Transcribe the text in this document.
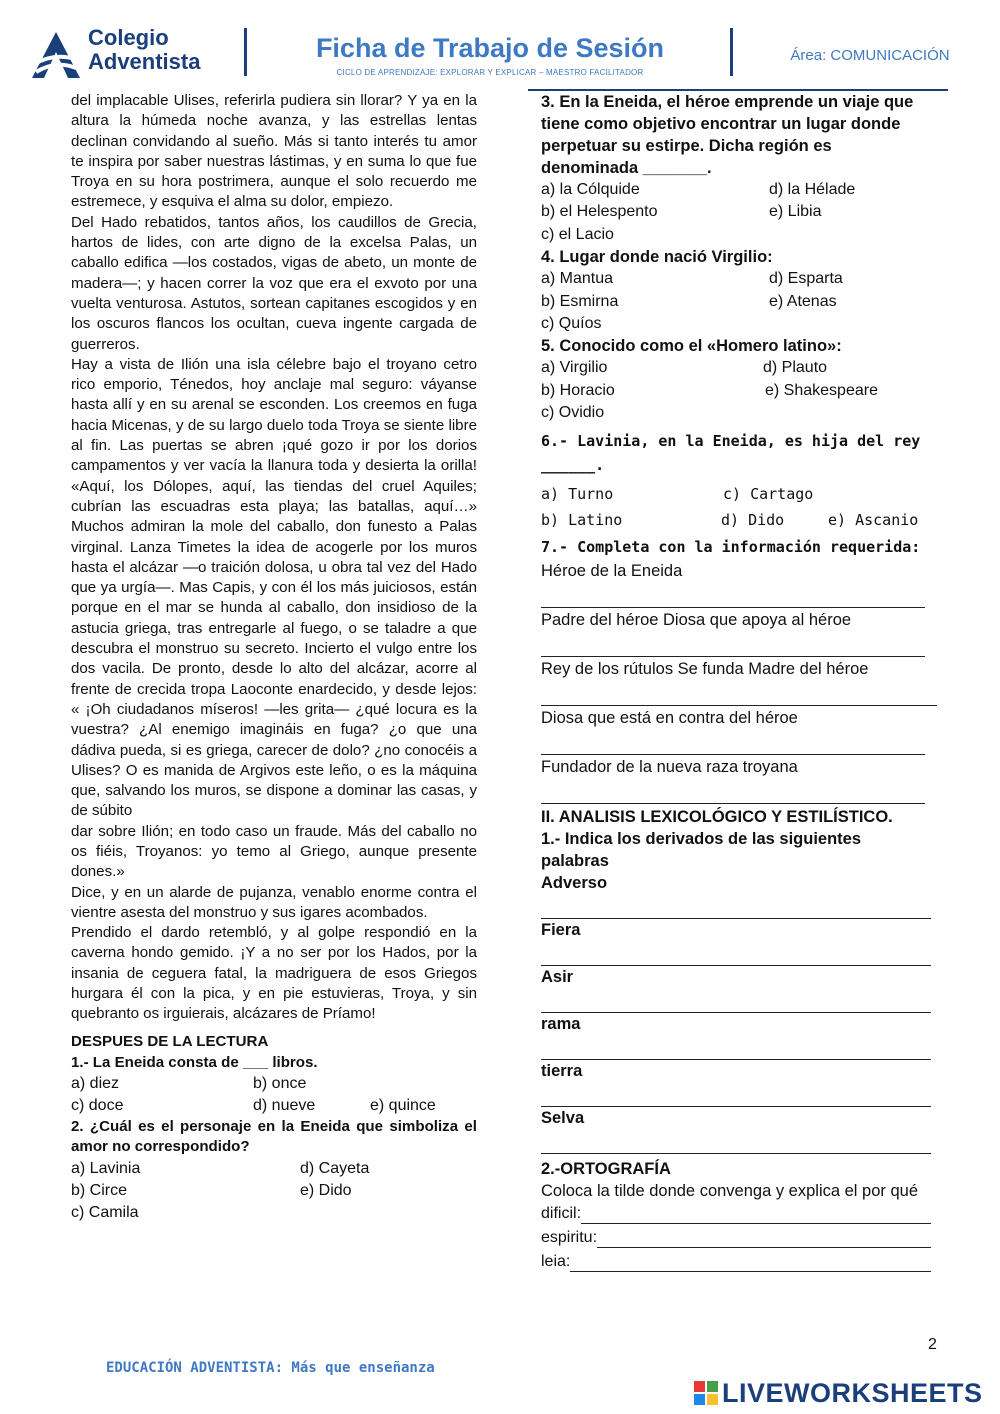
Colegio
Adventista	Ficha de Trabajo de Sesión
CICLO DE APRENDIZAJE: EXPLORAR Y EXPLICAR – MAESTRO FACILITADOR
Área: COMUNICACIÓN

del implacable Ulises, referirla pudiera sin llorar? Y ya en la altura la húmeda noche avanza, y las estrellas lentas declinan convidando al sueño. Más si tanto interés tu amor te inspira por saber nuestras lástimas, y en suma lo que fue Troya en su hora postrimera, aunque el solo recuerdo me estremece, y esquiva el alma su dolor, empiezo.

Del Hado rebatidos, tantos años, los caudillos de Grecia, hartos de lides, con arte digno de la excelsa Palas, un caballo edifica —los costados, vigas de abeto, un monte de madera—; y hacen correr la voz que era el exvoto por una vuelta venturosa. Astutos, sortean capitanes escogidos y en los oscuros flancos los ocultan, cueva ingente cargada de guerreros.

Hay a vista de Ilión una isla célebre bajo el troyano cetro rico emporio, Ténedos, hoy anclaje mal seguro: váyanse hasta allí y en su arenal se esconden. Los creemos en fuga hacia Micenas, y de su largo duelo toda Troya se siente libre al fin. Las puertas se abren ¡qué gozo ir por los dorios campamentos y ver vacía la llanura toda y desierta la orilla! «Aquí, los Dólopes, aquí, las tiendas del cruel Aquiles; cubrían las escuadras esta playa; las batallas, aquí…» Muchos admiran la mole del caballo, don funesto a Palas virginal. Lanza Timetes la idea de acogerle por los muros hasta el alcázar —o traición dolosa, u obra tal vez del Hado que ya urgía—. Mas Capis, y con él los más juiciosos, están porque en el mar se hunda al caballo, don insidioso de la astucia griega, tras entregarle al fuego, o se taladre a que descubra el monstruo su secreto. Incierto el vulgo entre los dos vacila. De pronto, desde lo alto del alcázar, acorre al frente de crecida tropa Laoconte enardecido, y desde lejos: « ¡Oh ciudadanos míseros! —les grita— ¿qué locura es la vuestra? ¿Al enemigo imagináis en fuga? ¿o que una dádiva pueda, si es griega, carecer de dolo? ¿no conocéis a Ulises? O es manida de Argivos este leño, o es la máquina que, salvando los muros, se dispone a dominar las casas, y de súbito

dar sobre Ilión; en todo caso un fraude. Más del caballo no os fiéis, Troyanos: yo temo al Griego, aunque presente dones.»

Dice, y en un alarde de pujanza, venablo enorme contra el vientre asesta del monstruo y sus igares acombados.

Prendido el dardo retembló, y al golpe respondió en la caverna hondo gemido. ¡Y a no ser por los Hados, por la insania de ceguera fatal, la madriguera de esos Griegos hurgara él con la pica, y en pie estuvieras, Troya, y sin quebranto os irguierais, alcázares de Príamo!

DESPUES DE LA LECTURA

1.- La Eneida consta de ___ libros.

a) diez	b) once
c) doce	d) nueve	e) quince

2. ¿Cuál es el personaje en la Eneida que simboliza el amor no correspondido?

a) Lavinia	d) Cayeta
b) Circe	e) Dido
c) Camila

3. En la Eneida, el héroe emprende un viaje que tiene como objetivo encontrar un lugar donde perpetuar su estirpe. Dicha región es denominada _______.

a) la Cólquide	d) la Hélade
b) el Helespento	e) Libia
c) el Lacio

4. Lugar donde nació Virgilio:

a) Mantua	d) Esparta
b) Esmirna	e) Atenas
c) Quíos

5. Conocido como el «Homero latino»:

a) Virgilio	d) Plauto
b) Horacio	e) Shakespeare
c) Ovidio

6.- Lavinia, en la Eneida, es hija del rey ______.

a) Turno	c) Cartago
b) Latino	d) Dido	e) Ascanio

7.- Completa con la información requerida:

Héroe de la Eneida

Padre del héroe Diosa que apoya al héroe

Rey de los rútulos Se funda Madre del héroe

Diosa que está en contra del héroe

Fundador de la nueva raza troyana

II. ANALISIS LEXICOLÓGICO Y ESTILÍSTICO.

1.- Indica los derivados de las siguientes palabras

Adverso

Fiera

Asir

rama

tierra

Selva

2.-ORTOGRAFÍA

Coloca la tilde donde convenga y explica el por qué

dificil:
espiritu:
leia:
2
EDUCACIÓN ADVENTISTA: Más que enseñanza
LIVEWORKSHEETS
